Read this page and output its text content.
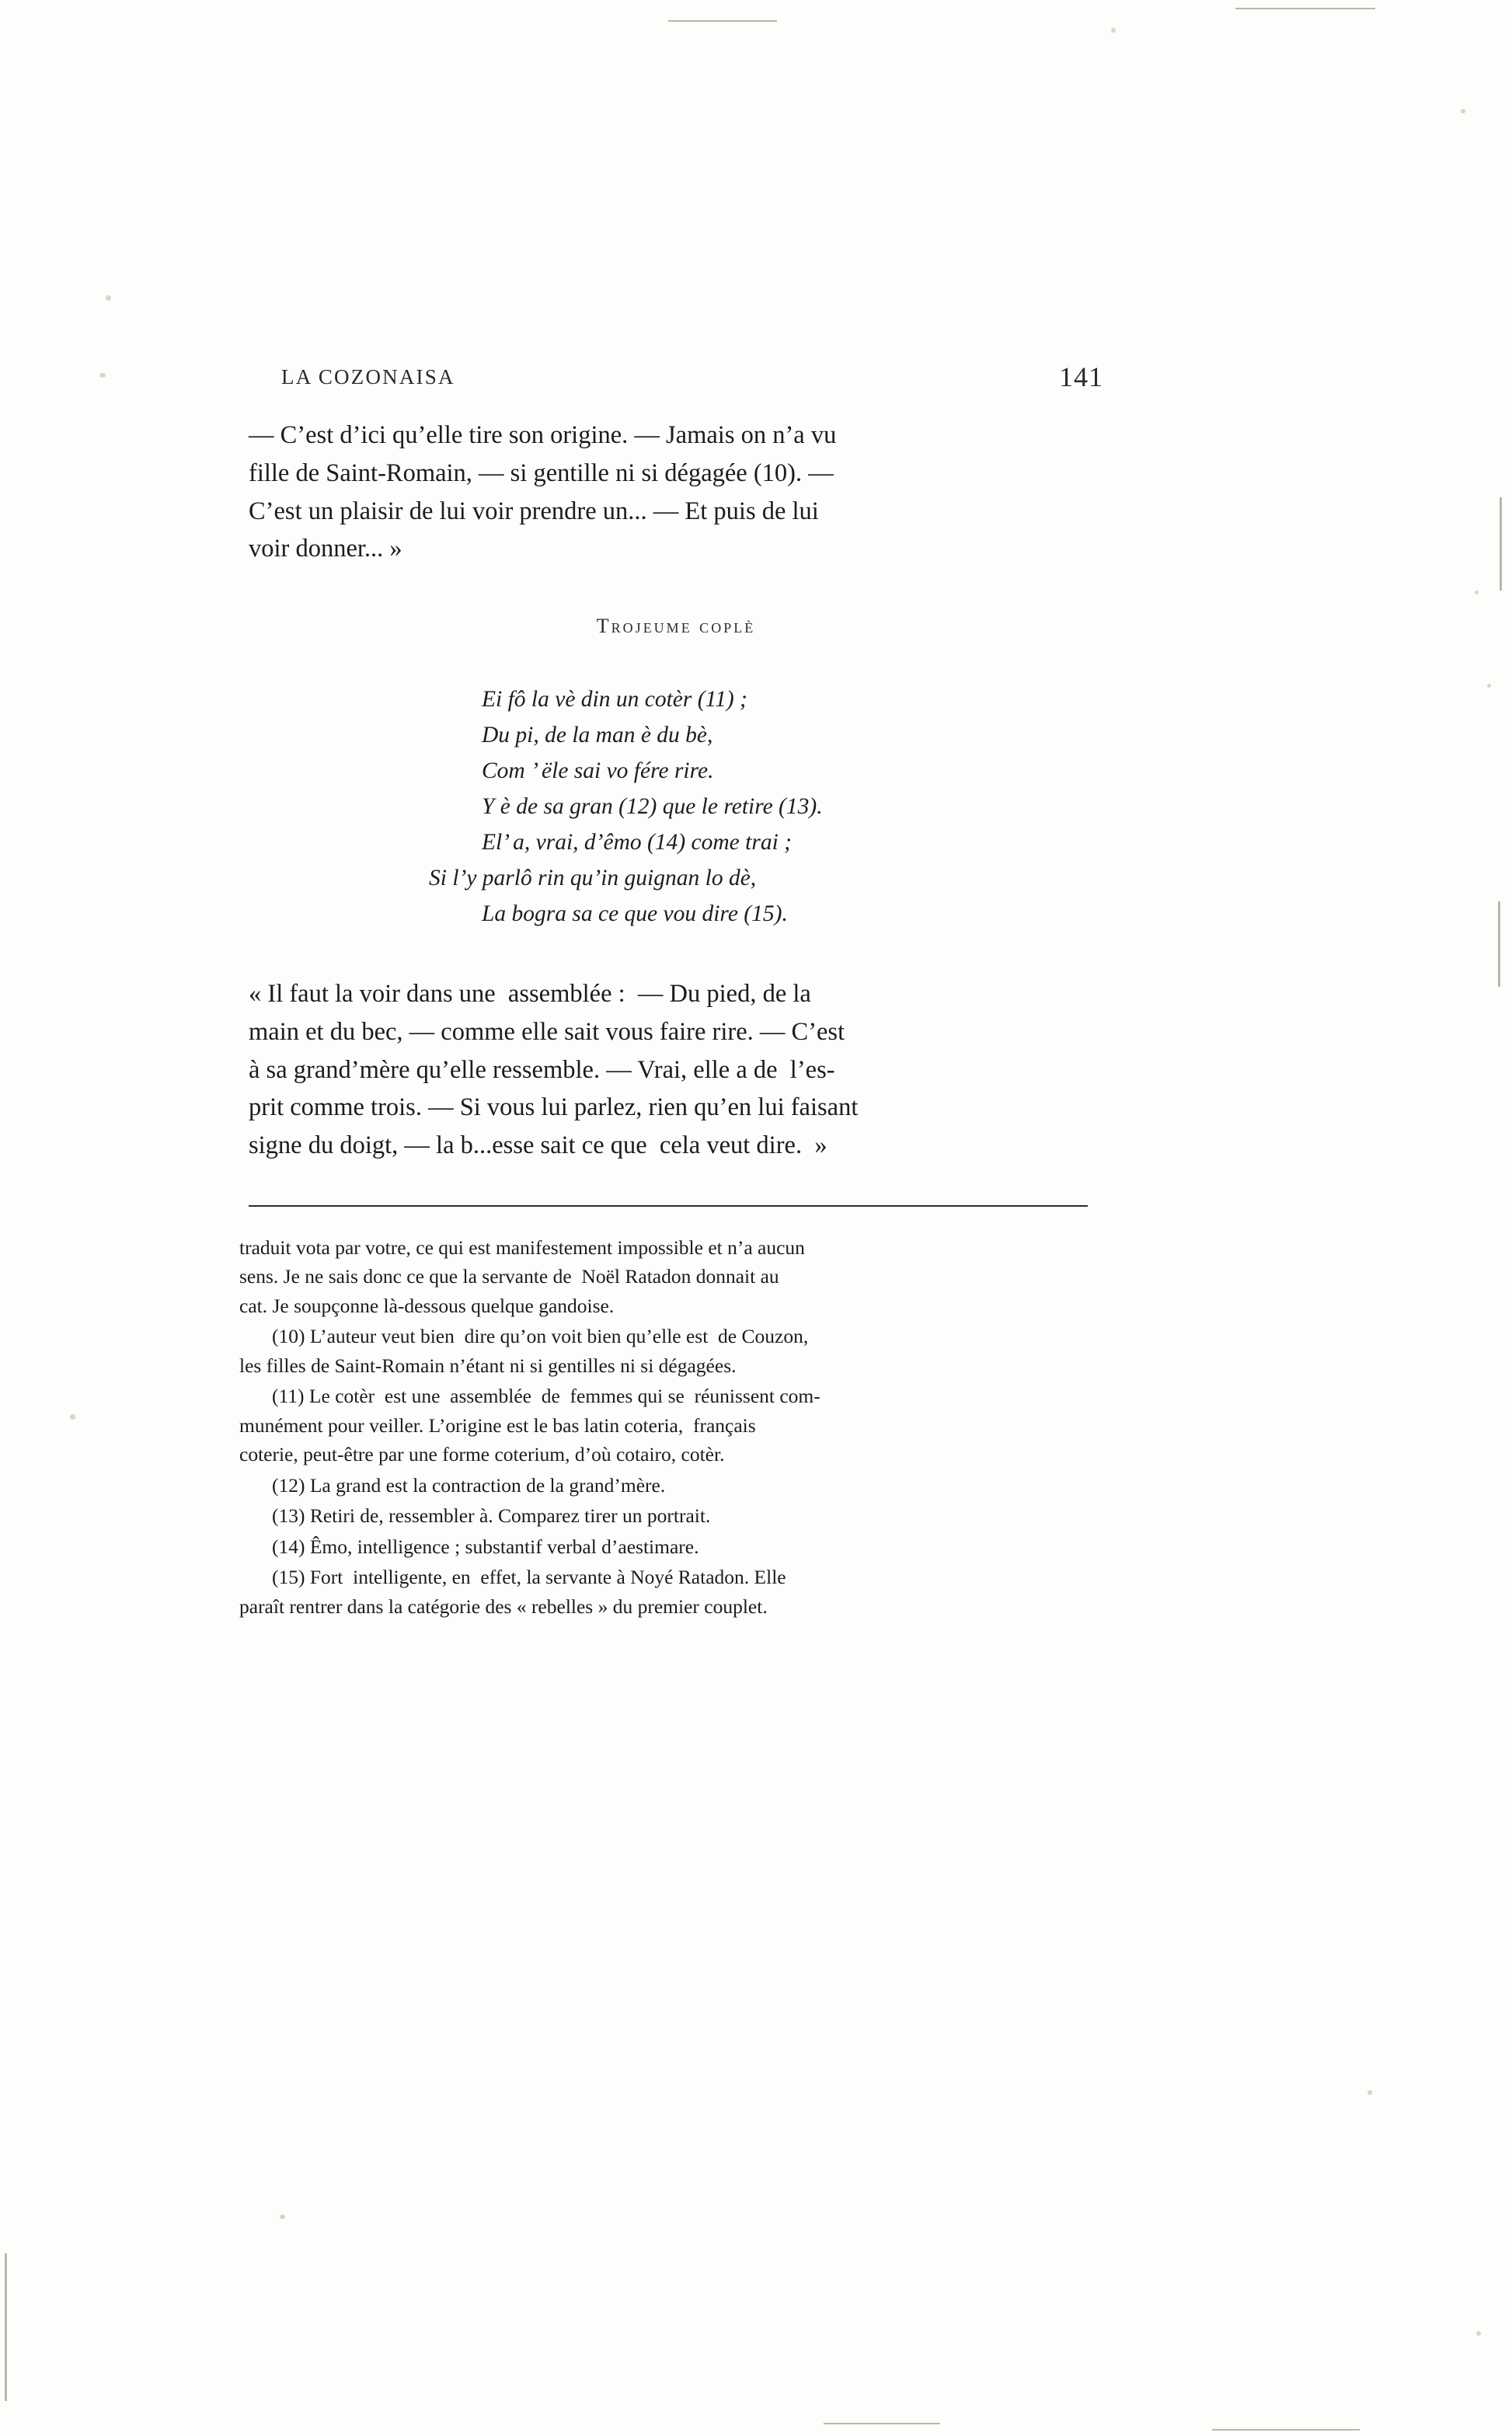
LA COZONAISA	141
— C’est d’ici qu’elle tire son origine. — Jamais on n’a vu
fille de Saint-Romain, — si gentille ni si dégagée (10). —
C’est un plaisir de lui voir prendre un... — Et puis de lui
voir donner... »
Trojeume coplè
Ei fô la vè din un cotèr (11) ;
Du pi, de la man è du bè,
Com ’ ële sai vo fére rire.
Y è de sa gran (12) que le retire (13).
El’ a, vrai, d’êmo (14) come trai ;
Si l’y parlô rin qu’in guignan lo dè,
La bogra sa ce que vou dire (15).
« Il faut la voir dans une  assemblée :  — Du pied, de la
main et du bec, — comme elle sait vous faire rire. — C’est
à sa grand’mère qu’elle ressemble. — Vrai, elle a de  l’es-
prit comme trois. — Si vous lui parlez, rien qu’en lui faisant
signe du doigt, — la b...esse sait ce que  cela veut dire.  »

traduit vota par votre, ce qui est manifestement impossible et n’a aucun
sens. Je ne sais donc ce que la servante de  Noël Ratadon donnait au
cat. Je soupçonne là-dessous quelque gandoise.

(10) L’auteur veut bien  dire qu’on voit bien qu’elle est  de Couzon,
les filles de Saint-Romain n’étant ni si gentilles ni si dégagées.

(11) Le cotèr  est une  assemblée  de  femmes qui se  réunissent com-
munément pour veiller. L’origine est le bas latin coteria,  français
coterie, peut-être par une forme coterium, d’où cotairo, cotèr.

(12) La grand est la contraction de la grand’mère.

(13) Retiri de, ressembler à. Comparez tirer un portrait.

(14) Êmo, intelligence ; substantif verbal d’aestimare.

(15) Fort  intelligente, en  effet, la servante à Noyé Ratadon. Elle
paraît rentrer dans la catégorie des « rebelles » du premier couplet.
